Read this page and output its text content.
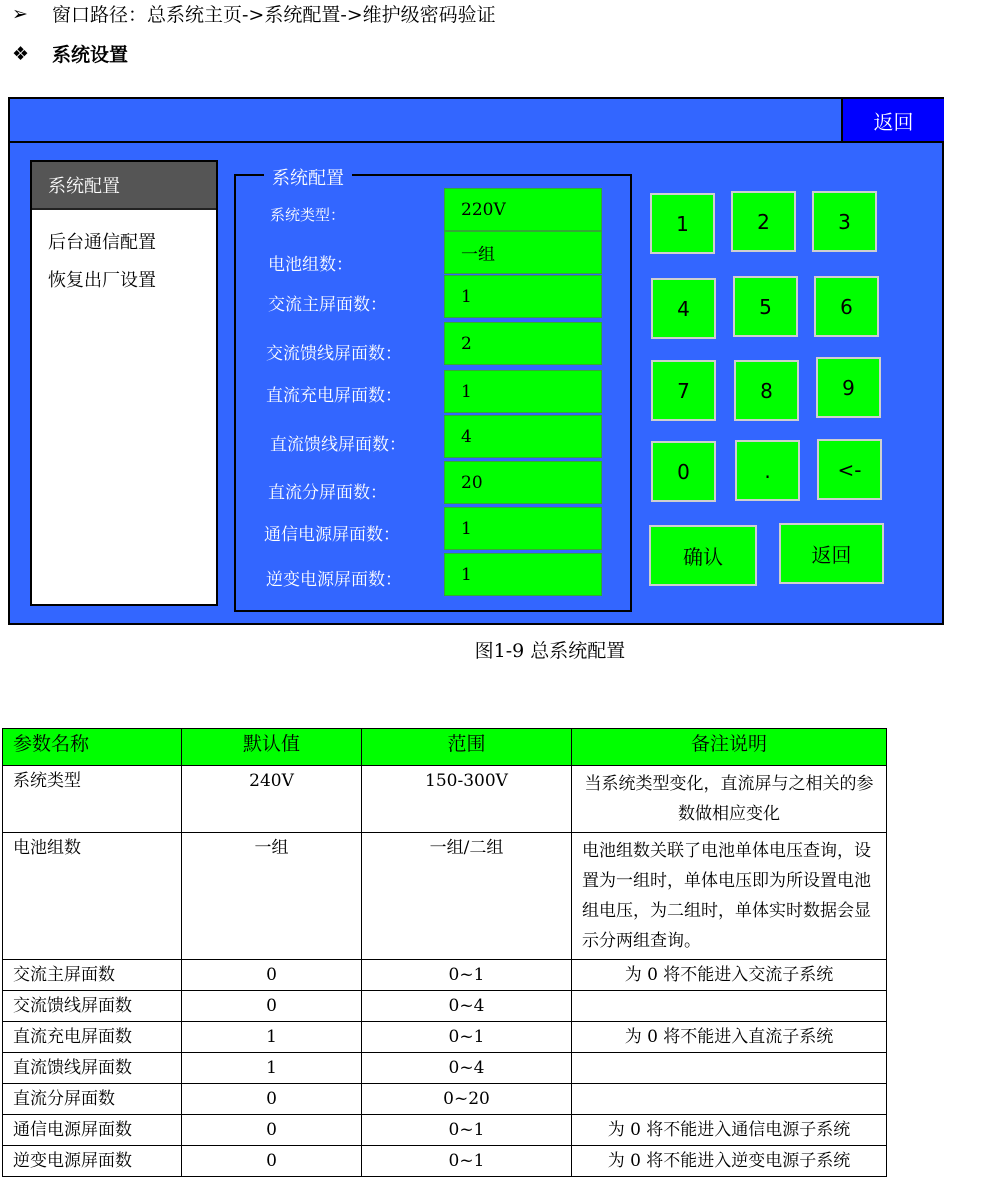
➢	窗口路径：总系统主页->系统配置->维护级密码验证
❖	系统设置
返回
系统配置
后台通信配置
恢复出厂设置
系统配置
系统类型：	220V
电池组数：	一组
交流主屏面数：	1
交流馈线屏面数：
2
直流充电屏面数：	1
直流馈线屏面数：	4
直流分屏面数：
20
通信电源屏面数：	1
逆变电源屏面数：	1
1	2	3
4	5	6
7	8	9
0	.	<-
确认	返回
图1-9 总系统配置
参数名称	默认值	范围	备注说明
系统类型	240V	150-300V	当系统类型变化，直流屏与之相关的参数做相应变化
电池组数	一组	一组/二组	电池组数关联了电池单体电压查询，设置为一组时，单体电压即为所设置电池组电压，为二组时，单体实时数据会显示分两组查询。
交流主屏面数	0	0~1	为 0 将不能进入交流子系统
交流馈线屏面数	0	0~4	
直流充电屏面数	1	0~1	为 0 将不能进入直流子系统
直流馈线屏面数	1	0~4	
直流分屏面数	0	0~20	
通信电源屏面数	0	0~1	为 0 将不能进入通信电源子系统
逆变电源屏面数	0	0~1	为 0 将不能进入逆变电源子系统
